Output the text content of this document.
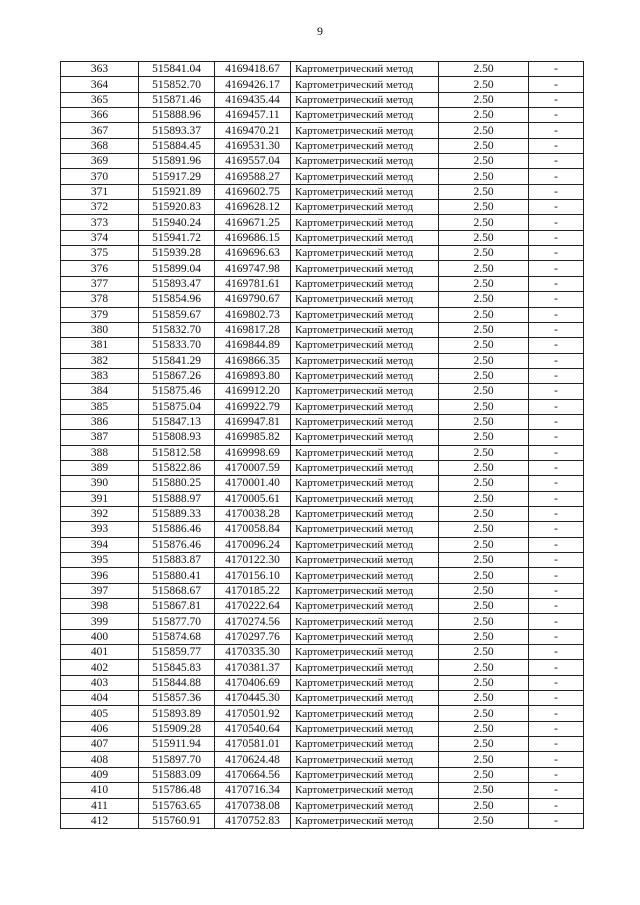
9
363	515841.04	4169418.67	Картометрический метод	2.50	-
364	515852.70	4169426.17	Картометрический метод	2.50	-
365	515871.46	4169435.44	Картометрический метод	2.50	-
366	515888.96	4169457.11	Картометрический метод	2.50	-
367	515893.37	4169470.21	Картометрический метод	2.50	-
368	515884.45	4169531.30	Картометрический метод	2.50	-
369	515891.96	4169557.04	Картометрический метод	2.50	-
370	515917.29	4169588.27	Картометрический метод	2.50	-
371	515921.89	4169602.75	Картометрический метод	2.50	-
372	515920.83	4169628.12	Картометрический метод	2.50	-
373	515940.24	4169671.25	Картометрический метод	2.50	-
374	515941.72	4169686.15	Картометрический метод	2.50	-
375	515939.28	4169696.63	Картометрический метод	2.50	-
376	515899.04	4169747.98	Картометрический метод	2.50	-
377	515893.47	4169781.61	Картометрический метод	2.50	-
378	515854.96	4169790.67	Картометрический метод	2.50	-
379	515859.67	4169802.73	Картометрический метод	2.50	-
380	515832.70	4169817.28	Картометрический метод	2.50	-
381	515833.70	4169844.89	Картометрический метод	2.50	-
382	515841.29	4169866.35	Картометрический метод	2.50	-
383	515867.26	4169893.80	Картометрический метод	2.50	-
384	515875.46	4169912.20	Картометрический метод	2.50	-
385	515875.04	4169922.79	Картометрический метод	2.50	-
386	515847.13	4169947.81	Картометрический метод	2.50	-
387	515808.93	4169985.82	Картометрический метод	2.50	-
388	515812.58	4169998.69	Картометрический метод	2.50	-
389	515822.86	4170007.59	Картометрический метод	2.50	-
390	515880.25	4170001.40	Картометрический метод	2.50	-
391	515888.97	4170005.61	Картометрический метод	2.50	-
392	515889.33	4170038.28	Картометрический метод	2.50	-
393	515886.46	4170058.84	Картометрический метод	2.50	-
394	515876.46	4170096.24	Картометрический метод	2.50	-
395	515883.87	4170122.30	Картометрический метод	2.50	-
396	515880.41	4170156.10	Картометрический метод	2.50	-
397	515868.67	4170185.22	Картометрический метод	2.50	-
398	515867.81	4170222.64	Картометрический метод	2.50	-
399	515877.70	4170274.56	Картометрический метод	2.50	-
400	515874.68	4170297.76	Картометрический метод	2.50	-
401	515859.77	4170335.30	Картометрический метод	2.50	-
402	515845.83	4170381.37	Картометрический метод	2.50	-
403	515844.88	4170406.69	Картометрический метод	2.50	-
404	515857.36	4170445.30	Картометрический метод	2.50	-
405	515893.89	4170501.92	Картометрический метод	2.50	-
406	515909.28	4170540.64	Картометрический метод	2.50	-
407	515911.94	4170581.01	Картометрический метод	2.50	-
408	515897.70	4170624.48	Картометрический метод	2.50	-
409	515883.09	4170664.56	Картометрический метод	2.50	-
410	515786.48	4170716.34	Картометрический метод	2.50	-
411	515763.65	4170738.08	Картометрический метод	2.50	-
412	515760.91	4170752.83	Картометрический метод	2.50	-
